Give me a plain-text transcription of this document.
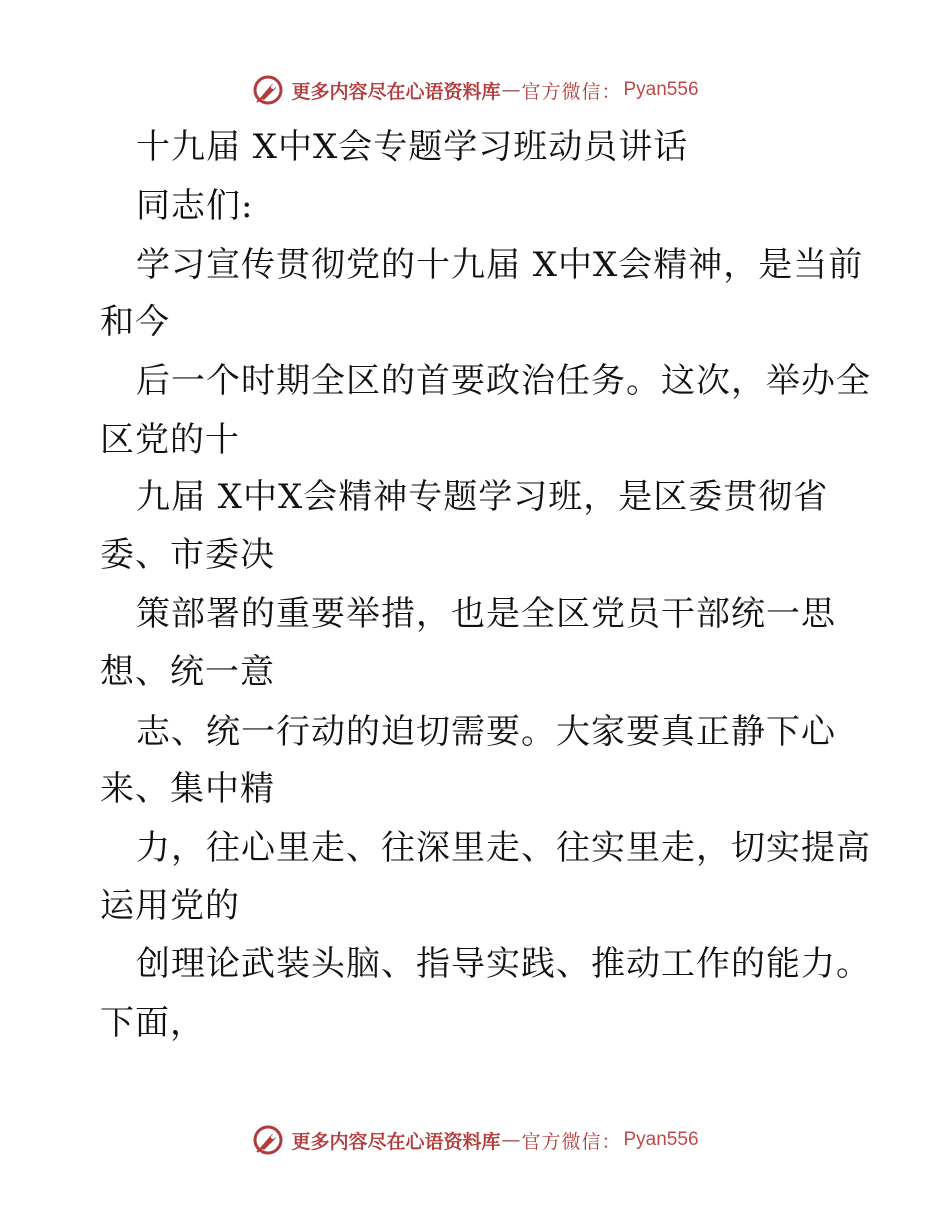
更多内容尽在心语资料库 — 官方微信： Pyan556
十九届 X中X会专题学习班动员讲话
同志们:
学习宣传贯彻党的十九届 X中X会精神，是当前
和今
后一个时期全区的首要政治任务。这次，举办全
区党的十
九届 X中X会精神专题学习班，是区委贯彻省
委、市委决
策部署的重要举措，也是全区党员干部统一思
想、统一意
志、统一行动的迫切需要。大家要真正静下心
来、集中精
力，往心里走、往深里走、往实里走，切实提高
运用党的
创理论武装头脑、指导实践、推动工作的能力。
下面，
更多内容尽在心语资料库 — 官方微信： Pyan556
